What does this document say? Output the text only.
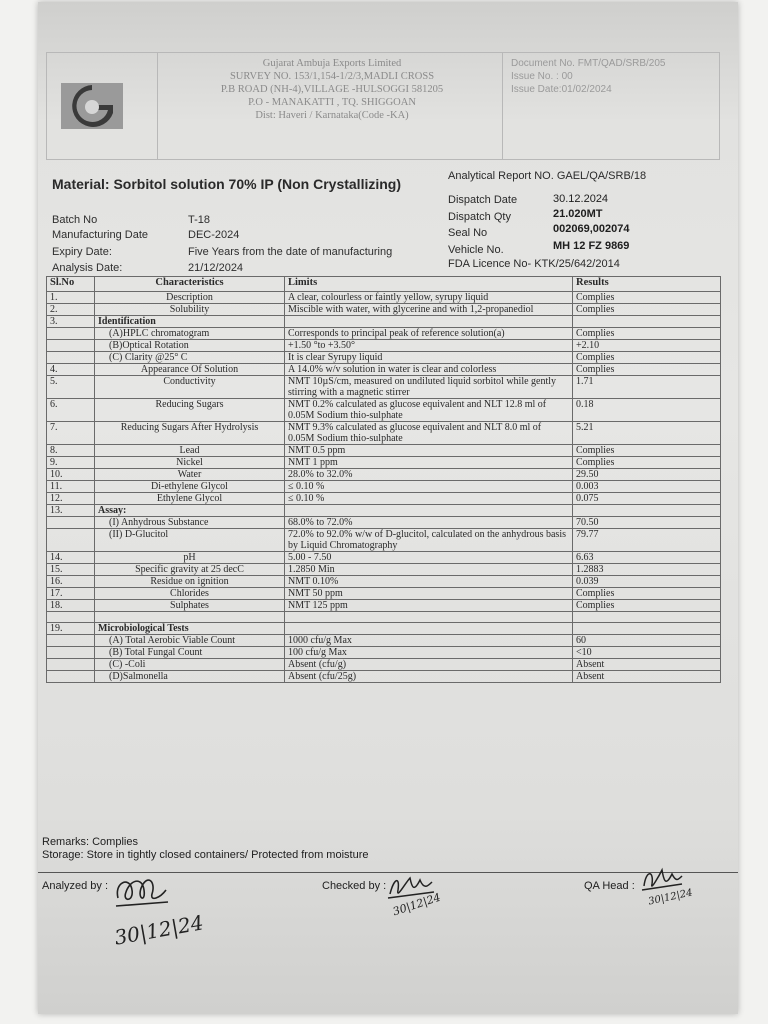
Gujarat Ambuja Exports Limited
SURVEY NO. 153/1,154-1/2/3,MADLI CROSS
P.B ROAD (NH-4),VILLAGE -HULSOGGI 581205
P.O - MANAKATTI , TQ. SHIGGOAN
Dist: Haveri / Karnataka(Code -KA)
Document No. FMT/QAD/SRB/205
Issue No. : 00
Issue Date:01/02/2024
Material: Sorbitol solution 70% IP (Non Crystallizing)
Batch No	T-18
Manufacturing Date	DEC-2024
Expiry Date:	Five Years from the date of manufacturing
Analysis Date:	21/12/2024
Analytical Report NO. GAEL/QA/SRB/18
Dispatch Date	30.12.2024
Dispatch Qty	21.020MT
Seal No	002069,002074
Vehicle No.	MH 12 FZ 9869
FDA Licence No- KTK/25/642/2014
Sl.No	Characteristics	Limits	Results
1.	Description	A clear, colourless or faintly yellow, syrupy liquid	Complies
2.	Solubility	Miscible with water, with glycerine and with 1,2-propanediol	Complies
3.	Identification		
	(A)HPLC chromatogram	Corresponds to principal peak of reference solution(a)	Complies
	(B)Optical Rotation	+1.50 °to +3.50°	+2.10
	(C) Clarity @25° C	It is clear Syrupy liquid	Complies
4.	Appearance Of Solution	A 14.0% w/v solution in water is clear and colorless	Complies
5.	Conductivity	NMT 10µS/cm, measured on undiluted liquid sorbitol while gently stirring with a magnetic stirrer	1.71
6.	Reducing Sugars	NMT 0.2% calculated as glucose equivalent and NLT 12.8 ml of 0.05M Sodium thio-sulphate	0.18
7.	Reducing Sugars After Hydrolysis	NMT 9.3% calculated as glucose equivalent and NLT 8.0 ml of 0.05M Sodium thio-sulphate	5.21
8.	Lead	NMT 0.5 ppm	Complies
9.	Nickel	NMT 1 ppm	Complies
10.	Water	28.0% to 32.0%	29.50
11.	Di-ethylene Glycol	≤ 0.10 %	0.003
12.	Ethylene Glycol	≤ 0.10 %	0.075
13.	Assay:		
	(I) Anhydrous Substance	68.0% to 72.0%	70.50
	(II) D-Glucitol	72.0% to 92.0% w/w of D-glucitol, calculated on the anhydrous basis by Liquid Chromatography	79.77
14.	pH	5.00 - 7.50	6.63
15.	Specific gravity at 25 decC	1.2850 Min	1.2883
16.	Residue on ignition	NMT 0.10%	0.039
17.	Chlorides	NMT 50 ppm	Complies
18.	Sulphates	NMT 125 ppm	Complies

19.	Microbiological Tests		
	(A) Total Aerobic Viable Count	1000 cfu/g Max	60
	(B) Total Fungal Count	100 cfu/g Max	<10
	(C) -Coli	Absent (cfu/g)	Absent
	(D)Salmonella	Absent (cfu/25g)	Absent
Remarks: Complies
Storage: Store in tightly closed containers/ Protected from moisture
Analyzed by :	Checked by :	QA Head :
30|12|24
30|12|24	30|12|24
